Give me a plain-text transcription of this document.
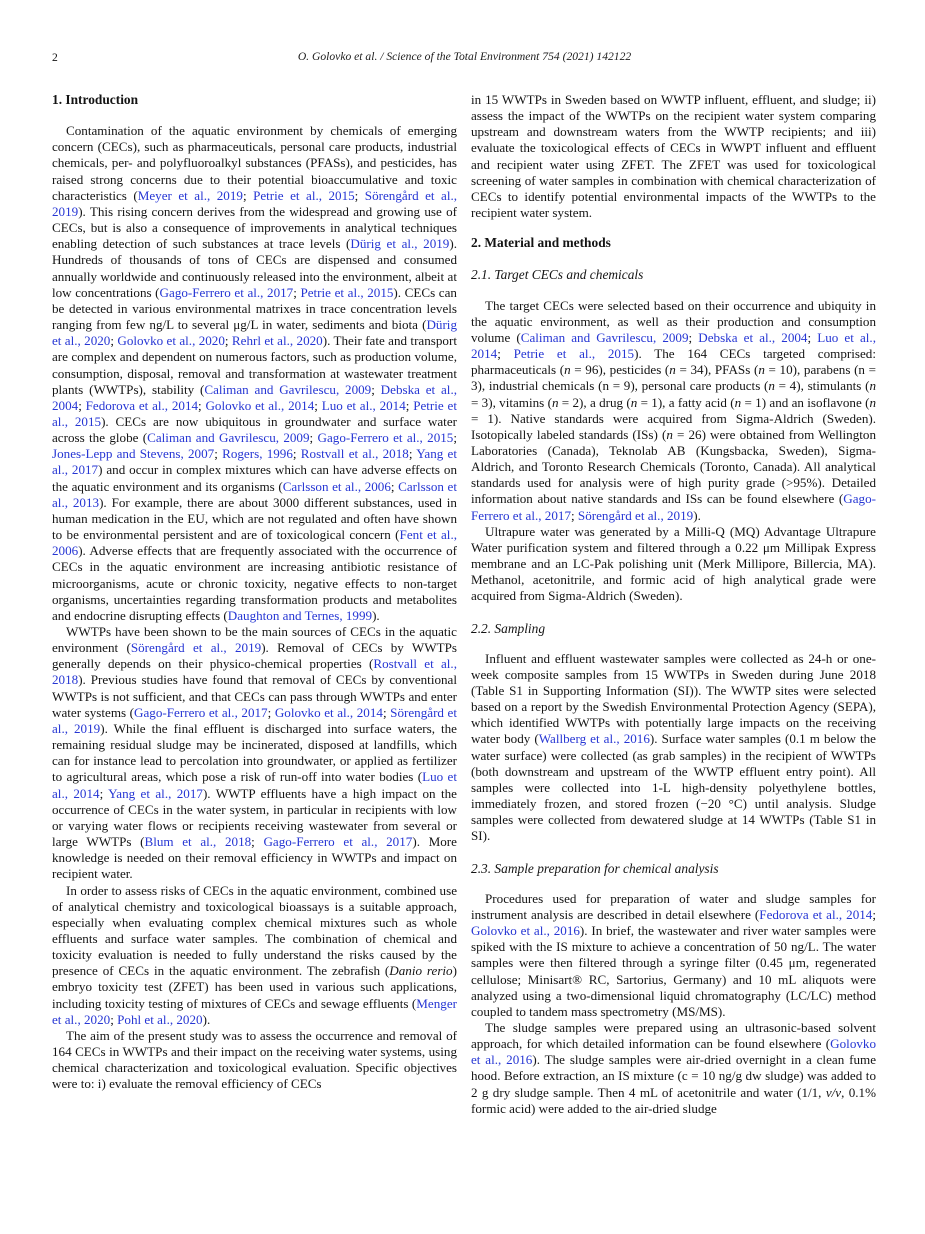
2	O. Golovko et al. / Science of the Total Environment 754 (2021) 142122
1. Introduction

Contamination of the aquatic environment by chemicals of emerging concern (CECs), such as pharmaceuticals, personal care products, industrial chemicals, per- and polyfluoroalkyl substances (PFASs), and pesticides, has raised strong concerns due to their potential bioaccumulative and toxic characteristics (Meyer et al., 2019; Petrie et al., 2015; Sörengård et al., 2019). This rising concern derives from the widespread and growing use of CECs, but is also a consequence of improvements in analytical techniques enabling detection of such substances at trace levels (Dürig et al., 2019). Hundreds of thousands of tons of CECs are dispensed and consumed annually worldwide and continuously released into the environment, albeit at low concentrations (Gago-Ferrero et al., 2017; Petrie et al., 2015). CECs can be detected in various environmental matrixes in trace concentration levels ranging from few ng/L to several μg/L in water, sediments and biota (Dürig et al., 2020; Golovko et al., 2020; Rehrl et al., 2020). Their fate and transport are complex and dependent on numerous factors, such as production volume, consumption, disposal, removal and transformation at wastewater treatment plants (WWTPs), stability (Caliman and Gavrilescu, 2009; Debska et al., 2004; Fedorova et al., 2014; Golovko et al., 2014; Luo et al., 2014; Petrie et al., 2015). CECs are now ubiquitous in groundwater and surface water across the globe (Caliman and Gavrilescu, 2009; Gago-Ferrero et al., 2015; Jones-Lepp and Stevens, 2007; Rogers, 1996; Rostvall et al., 2018; Yang et al., 2017) and occur in complex mixtures which can have adverse effects on the aquatic environment and its organisms (Carlsson et al., 2006; Carlsson et al., 2013). For example, there are about 3000 different substances, used in human medication in the EU, which are not regulated and often have shown to be environmental persistent and are of toxicological concern (Fent et al., 2006). Adverse effects that are frequently associated with the occurrence of CECs in the aquatic environment are increasing antibiotic resistance of microorganisms, acute or chronic toxicity, negative effects to non-target organisms, uncertainties regarding transformation products and metabolites and endocrine disrupting effects (Daughton and Ternes, 1999).

WWTPs have been shown to be the main sources of CECs in the aquatic environment (Sörengård et al., 2019). Removal of CECs by WWTPs generally depends on their physico-chemical properties (Rostvall et al., 2018). Previous studies have found that removal of CECs by conventional WWTPs is not sufficient, and that CECs can pass through WWTPs and enter water systems (Gago-Ferrero et al., 2017; Golovko et al., 2014; Sörengård et al., 2019). While the final effluent is discharged into surface waters, the remaining residual sludge may be incinerated, disposed at landfills, which can for instance lead to percolation into groundwater, or applied as fertilizer to agricultural areas, which pose a risk of run-off into water bodies (Luo et al., 2014; Yang et al., 2017). WWTP effluents have a high impact on the occurrence of CECs in the water system, in particular in recipients with low or varying water flows or recipients receiving wastewater from several or large WWTPs (Blum et al., 2018; Gago-Ferrero et al., 2017). More knowledge is needed on their removal efficiency in WWTPs and impact on recipient water.

In order to assess risks of CECs in the aquatic environment, combined use of analytical chemistry and toxicological bioassays is a suitable approach, especially when evaluating complex chemical mixtures such as whole effluents and surface water samples. The combination of chemical and toxicity evaluation is needed to fully understand the risks caused by the presence of CECs in the aquatic environment. The zebrafish (Danio rerio) embryo toxicity test (ZFET) has been used in various such applications, including toxicity testing of mixtures of CECs and sewage effluents (Menger et al., 2020; Pohl et al., 2020).

The aim of the present study was to assess the occurrence and removal of 164 CECs in WWTPs and their impact on the receiving water systems, using chemical characterization and toxicological evaluation. Specific objectives were to: i) evaluate the removal efficiency of CECs

in 15 WWTPs in Sweden based on WWTP influent, effluent, and sludge; ii) assess the impact of the WWTPs on the recipient water system comparing upstream and downstream waters from the WWTP recipients; and iii) evaluate the toxicological effects of CECs in WWPT influent and effluent and recipient water using ZFET. The ZFET was used for toxicological screening of water samples in combination with chemical characterization of CECs to identify potential environmental impacts of the WWTPs to the recipient water system.

2. Material and methods
2.1. Target CECs and chemicals

The target CECs were selected based on their occurrence and ubiquity in the aquatic environment, as well as their production and consumption volume (Caliman and Gavrilescu, 2009; Debska et al., 2004; Luo et al., 2014; Petrie et al., 2015). The 164 CECs targeted comprised: pharmaceuticals (n = 96), pesticides (n = 34), PFASs (n = 10), parabens (n = 3), industrial chemicals (n = 9), personal care products (n = 4), stimulants (n = 3), vitamins (n = 2), a drug (n = 1), a fatty acid (n = 1) and an isoflavone (n = 1). Native standards were acquired from Sigma-Aldrich (Sweden). Isotopically labeled standards (ISs) (n = 26) were obtained from Wellington Laboratories (Canada), Teknolab AB (Kungsbacka, Sweden), Sigma-Aldrich, and Toronto Research Chemicals (Toronto, Canada). All analytical standards used for analysis were of high purity grade (>95%). Detailed information about native standards and ISs can be found elsewhere (Gago-Ferrero et al., 2017; Sörengård et al., 2019).

Ultrapure water was generated by a Milli-Q (MQ) Advantage Ultrapure Water purification system and filtered through a 0.22 μm Millipak Express membrane and an LC-Pak polishing unit (Merk Millipore, Billercia, MA). Methanol, acetonitrile, and formic acid of high analytical grade were acquired from Sigma-Aldrich (Sweden).

2.2. Sampling

Influent and effluent wastewater samples were collected as 24-h or one-week composite samples from 15 WWTPs in Sweden during June 2018 (Table S1 in Supporting Information (SI)). The WWTP sites were selected based on a report by the Swedish Environmental Protection Agency (SEPA), which identified WWTPs with potentially large impacts on the receiving water body (Wallberg et al., 2016). Surface water samples (0.1 m below the water surface) were collected (as grab samples) in the recipient of WWTPs (both downstream and upstream of the WWTP effluent entry point). All samples were collected into 1-L high-density polyethylene bottles, immediately frozen, and stored frozen (−20 °C) until analysis. Sludge samples were collected from dewatered sludge at 14 WWTPs (Table S1 in SI).

2.3. Sample preparation for chemical analysis

Procedures used for preparation of water and sludge samples for instrument analysis are described in detail elsewhere (Fedorova et al., 2014; Golovko et al., 2016). In brief, the wastewater and river water samples were spiked with the IS mixture to achieve a concentration of 50 ng/L. The water samples were then filtered through a syringe filter (0.45 μm, regenerated cellulose; Minisart® RC, Sartorius, Germany) and 10 mL aliquots were analyzed using a two-dimensional liquid chromatography (LC/LC) method coupled to tandem mass spectrometry (MS/MS).

The sludge samples were prepared using an ultrasonic-based solvent approach, for which detailed information can be found elsewhere (Golovko et al., 2016). The sludge samples were air-dried overnight in a clean fume hood. Before extraction, an IS mixture (c = 10 ng/g dw sludge) was added to 2 g dry sludge sample. Then 4 mL of acetonitrile and water (1/1, v/v, 0.1% formic acid) were added to the air-dried sludge
